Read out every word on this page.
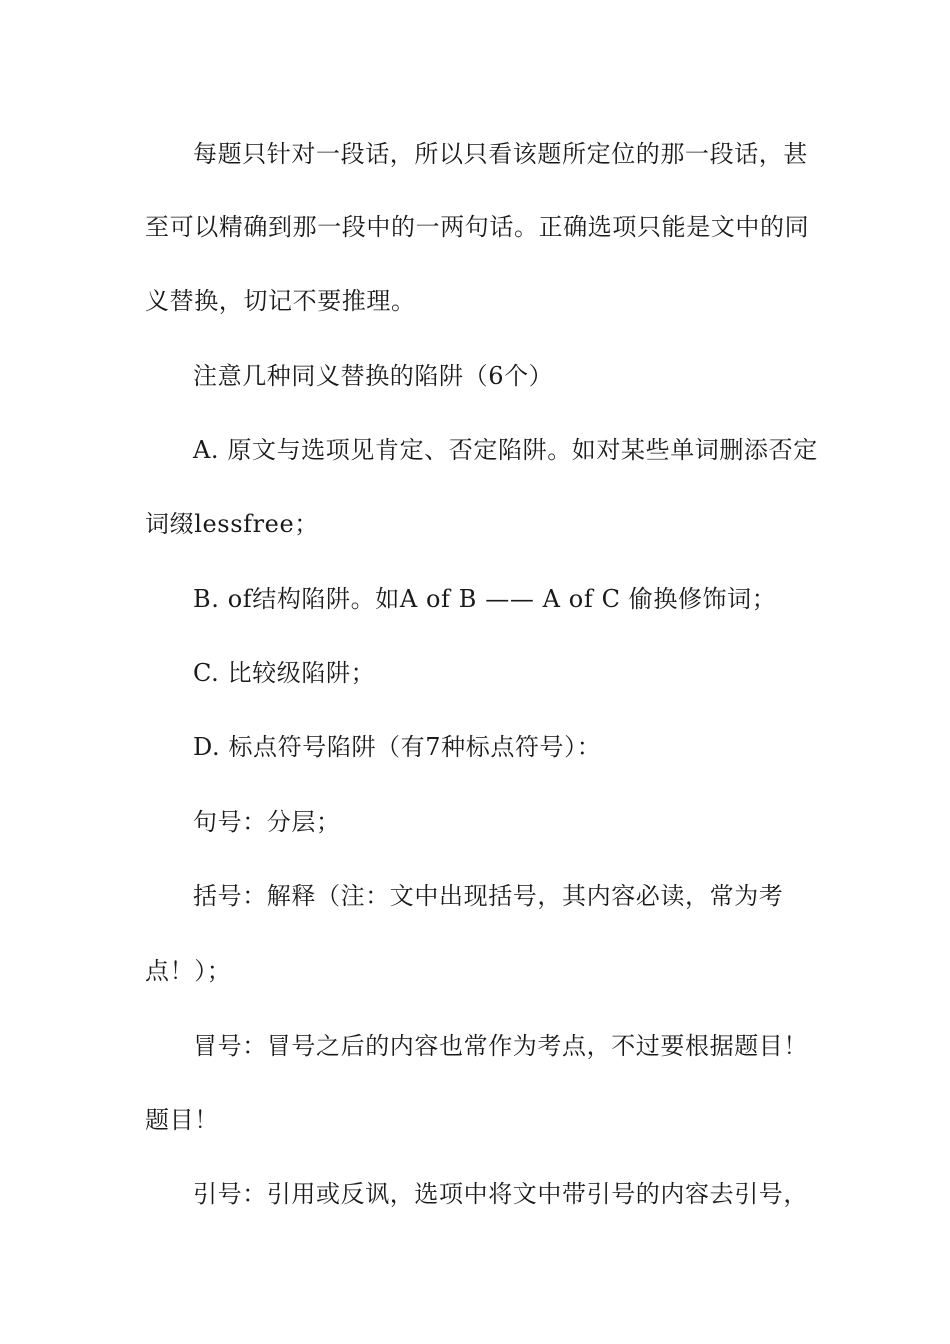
每题只针对一段话，所以只看该题所定位的那一段话，甚
至可以精确到那一段中的一两句话。正确选项只能是文中的同
义替换，切记不要推理。
注意几种同义替换的陷阱（6个）
A. 原文与选项见肯定、否定陷阱。如对某些单词删添否定
词缀lessfree；
B. of结构陷阱。如A of B —— A of C 偷换修饰词；
C. 比较级陷阱；
D. 标点符号陷阱（有7种标点符号）：
句号：分层；
括号：解释（注：文中出现括号，其内容必读，常为考
点！）；
冒号：冒号之后的内容也常作为考点，不过要根据题目！
题目！
引号：引用或反讽，选项中将文中带引号的内容去引号，
